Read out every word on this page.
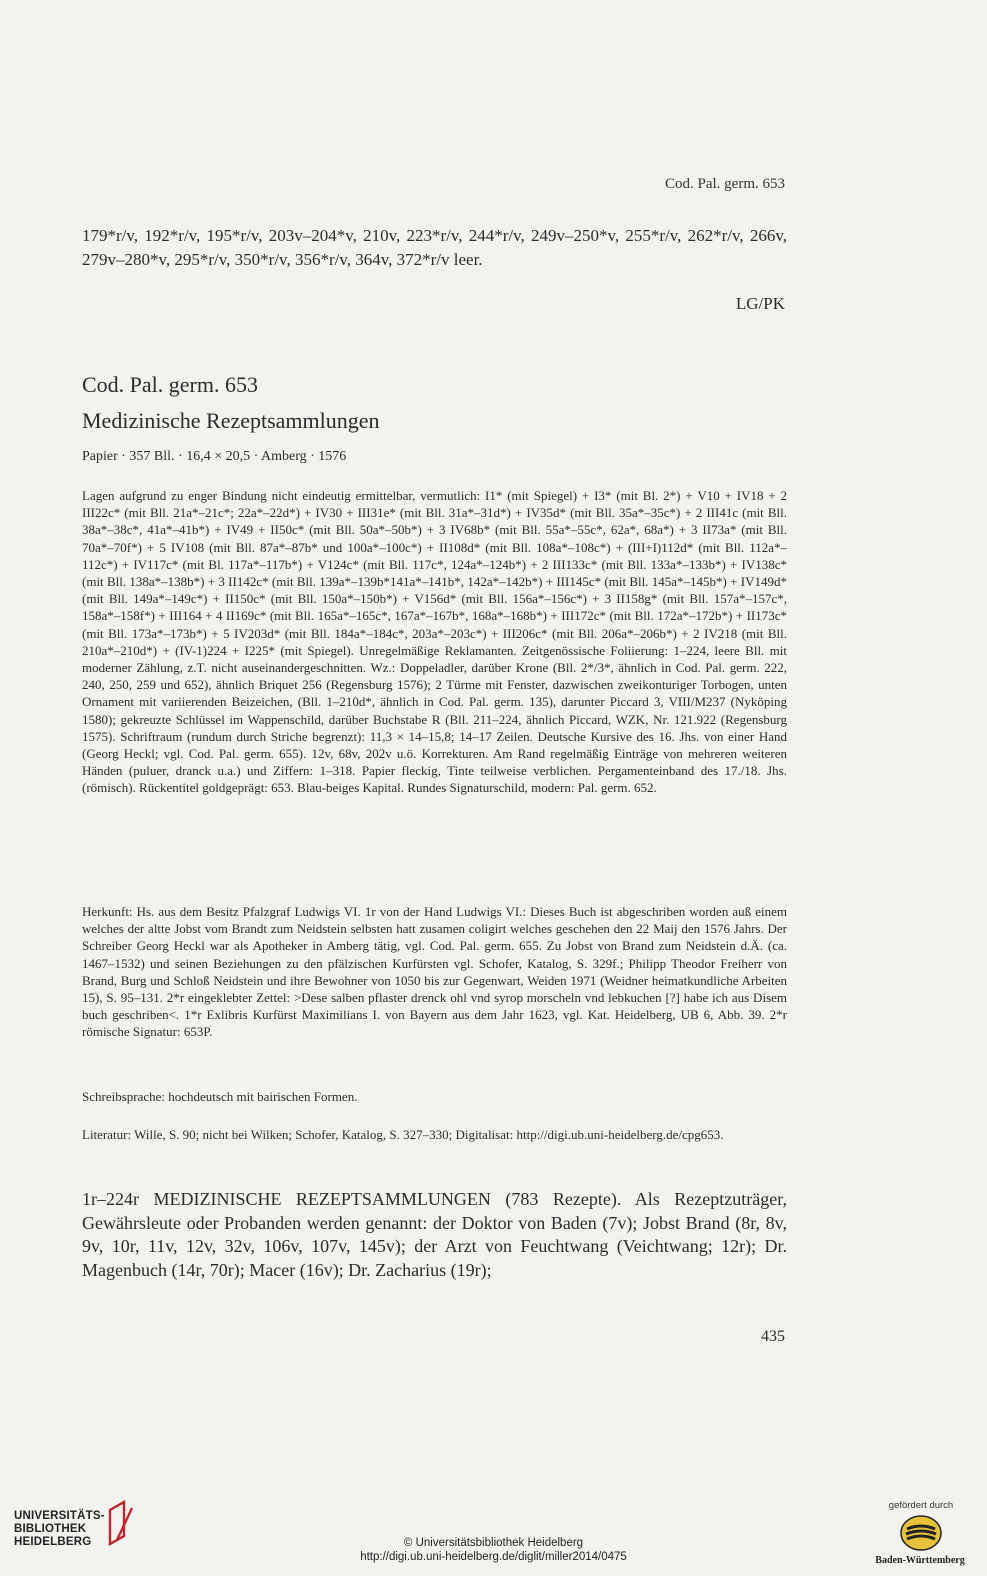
Cod. Pal. germ. 653
179*r/v, 192*r/v, 195*r/v, 203v–204*v, 210v, 223*r/v, 244*r/v, 249v–250*v, 255*r/v, 262*r/v, 266v,
279v–280*v, 295*r/v, 350*r/v, 356*r/v, 364v, 372*r/v leer.
LG/PK
Cod. Pal. germ. 653
Medizinische Rezeptsammlungen
Papier · 357 Bll. · 16,4 × 20,5 · Amberg · 1576

Lagen aufgrund zu enger Bindung nicht eindeutig ermittelbar, vermutlich: I1* (mit Spiegel) + I3* (mit Bl. 2*) + V10 + IV18 + 2 III22c* (mit Bll. 21a*–21c*; 22a*–22d*) + IV30 + III31e* (mit Bll. 31a*–31d*) + IV35d* (mit Bll. 35a*–35c*) + 2 III41c (mit Bll. 38a*–38c*, 41a*–41b*) + IV49 + II50c* (mit Bll. 50a*–50b*) + 3 IV68b* (mit Bll. 55a*–55c*, 62a*, 68a*) + 3 II73a* (mit Bll. 70a*–70f*) + 5 IV108 (mit Bll. 87a*–87b* und 100a*–100c*) + II108d* (mit Bll. 108a*–108c*) + (III+I)112d* (mit Bll. 112a*–112c*) + IV117c* (mit Bl. 117a*–117b*) + V124c* (mit Bll. 117c*, 124a*–124b*) + 2 III133c* (mit Bll. 133a*–133b*) + IV138c* (mit Bll. 138a*–138b*) + 3 II142c* (mit Bll. 139a*–139b*141a*–141b*, 142a*–142b*) + III145c* (mit Bll. 145a*–145b*) + IV149d* (mit Bll. 149a*–149c*) + II150c* (mit Bll. 150a*–150b*) + V156d* (mit Bll. 156a*–156c*) + 3 II158g* (mit Bll. 157a*–157c*, 158a*–158f*) + III164 + 4 II169c* (mit Bll. 165a*–165c*, 167a*–167b*, 168a*–168b*) + III172c* (mit Bll. 172a*–172b*) + II173c* (mit Bll. 173a*–173b*) + 5 IV203d* (mit Bll. 184a*–184c*, 203a*–203c*) + III206c* (mit Bll. 206a*–206b*) + 2 IV218 (mit Bll. 210a*–210d*) + (IV-1)224 + I225* (mit Spiegel). Unregelmäßige Reklamanten. Zeitgenössische Foliierung: 1–224, leere Bll. mit moderner Zählung, z.T. nicht auseinandergeschnitten. Wz.: Doppeladler, darüber Krone (Bll. 2*/3*, ähnlich in Cod. Pal. germ. 222, 240, 250, 259 und 652), ähnlich Briquet 256 (Regensburg 1576); 2 Türme mit Fenster, dazwischen zweikonturiger Torbogen, unten Ornament mit variierenden Beizeichen, (Bll. 1–210d*, ähnlich in Cod. Pal. germ. 135), darunter Piccard 3, VIII/M237 (Nyköping 1580); gekreuzte Schlüssel im Wappenschild, darüber Buchstabe R (Bll. 211–224, ähnlich Piccard, WZK, Nr. 121.922 (Regensburg 1575). Schriftraum (rundum durch Striche begrenzt): 11,3 × 14–15,8; 14–17 Zeilen. Deutsche Kursive des 16. Jhs. von einer Hand (Georg Heckl; vgl. Cod. Pal. germ. 655). 12v, 68v, 202v u.ö. Korrekturen. Am Rand regelmäßig Einträge von mehreren weiteren Händen (puluer, dranck u.a.) und Ziffern: 1–318. Papier fleckig, Tinte teilweise verblichen. Pergamenteinband des 17./18. Jhs. (römisch). Rückentitel goldgeprägt: 653. Blau-beiges Kapital. Rundes Signaturschild, modern: Pal. germ. 652.

Herkunft: Hs. aus dem Besitz Pfalzgraf Ludwigs VI. 1r von der Hand Ludwigs VI.: Dieses Buch ist abgeschriben worden auß einem welches der altte Jobst vom Brandt zum Neidstein selbsten hatt zusamen coligirt welches geschehen den 22 Maij den 1576 Jahrs. Der Schreiber Georg Heckl war als Apotheker in Amberg tätig, vgl. Cod. Pal. germ. 655. Zu Jobst von Brand zum Neidstein d.Ä. (ca. 1467–1532) und seinen Beziehungen zu den pfälzischen Kurfürsten vgl. Schofer, Katalog, S. 329f.; Philipp Theodor Freiherr von Brand, Burg und Schloß Neidstein und ihre Bewohner von 1050 bis zur Gegenwart, Weiden 1971 (Weidner heimatkundliche Arbeiten 15), S. 95–131. 2*r eingeklebter Zettel: >Dese salben pflaster drenck ohl vnd syrop morscheln vnd lebkuchen [?] habe ich aus Disem buch geschriben<. 1*r Exlibris Kurfürst Maximilians I. von Bayern aus dem Jahr 1623, vgl. Kat. Heidelberg, UB 6, Abb. 39. 2*r römische Signatur: 653P.

Schreibsprache: hochdeutsch mit bairischen Formen.

Literatur: Wille, S. 90; nicht bei Wilken; Schofer, Katalog, S. 327–330; Digitalisat: http://digi.ub.uni-heidelberg.de/cpg653.

1r–224r MEDIZINISCHE REZEPTSAMMLUNGEN (783 Rezepte). Als Rezeptzuträger, Gewährsleute oder Probanden werden genannt: der Doktor von Baden (7v); Jobst Brand (8r, 8v, 9v, 10r, 11v, 12v, 32v, 106v, 107v, 145v); der Arzt von Feuchtwang (Veichtwang; 12r); Dr. Magenbuch (14r, 70r); Macer (16v); Dr. Zacharius (19r);

435
UNIVERSITÄTS-
BIBLIOTHEK
HEIDELBERG	© Universitätsbibliothek Heidelberg
http://digi.ub.uni-heidelberg.de/diglit/miller2014/0475
gefördert durch
Baden-Württemberg
